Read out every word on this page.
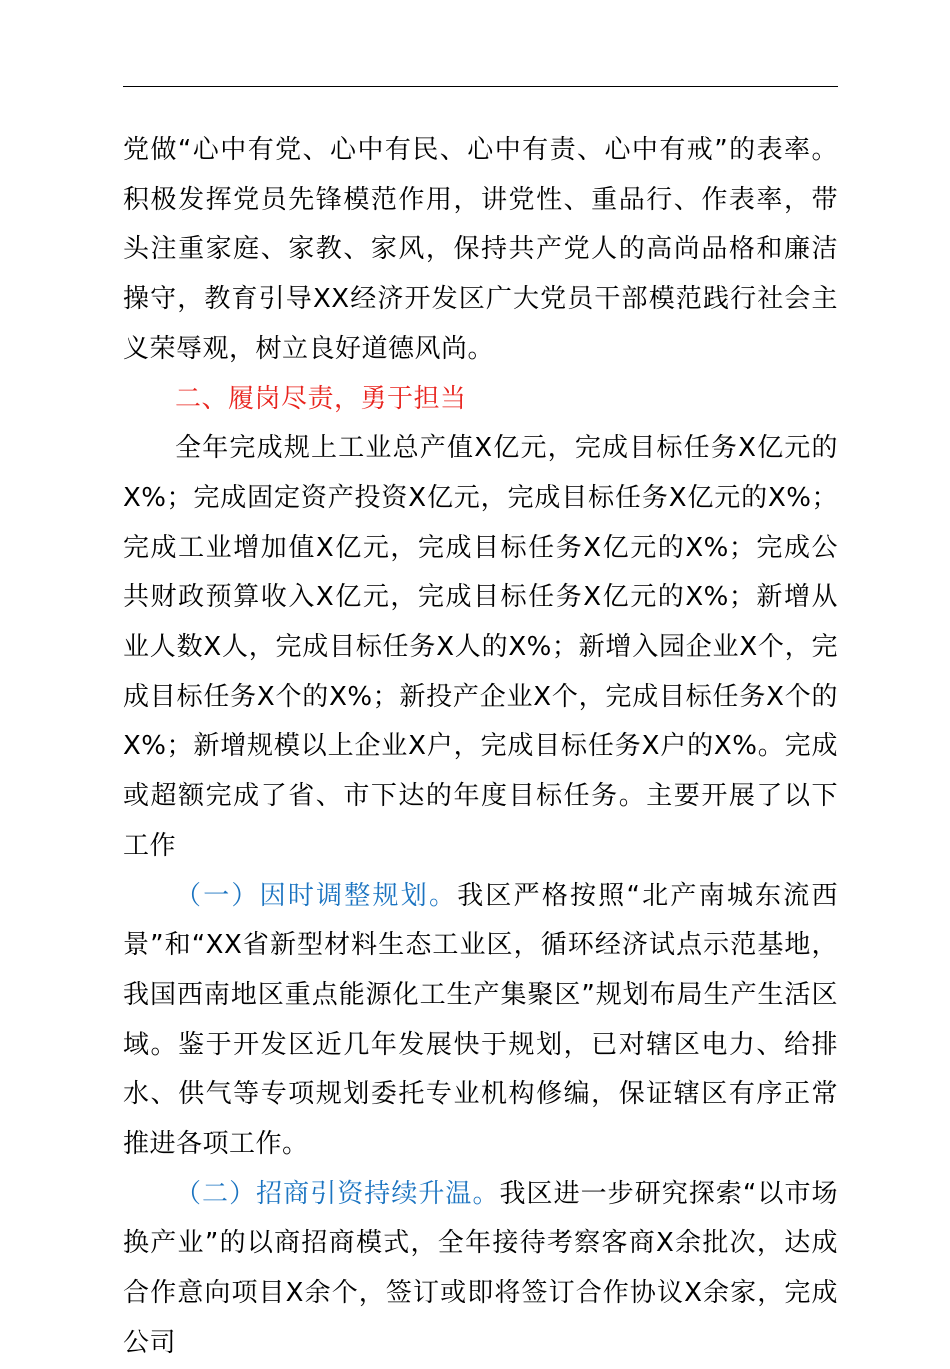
党做“心中有党、心中有民、心中有责、心中有戒”的表率。积极发挥党员先锋模范作用，讲党性、重品行、作表率，带头注重家庭、家教、家风，保持共产党人的高尚品格和廉洁操守，教育引导XX经济开发区广大党员干部模范践行社会主义荣辱观，树立良好道德风尚。

二、履岗尽责，勇于担当

全年完成规上工业总产值X亿元，完成目标任务X亿元的X%；完成固定资产投资X亿元，完成目标任务X亿元的X%；完成工业增加值X亿元，完成目标任务X亿元的X%；完成公共财政预算收入X亿元，完成目标任务X亿元的X%；新增从业人数X人，完成目标任务X人的X%；新增入园企业X个，完成目标任务X个的X%；新投产企业X个，完成目标任务X个的X%；新增规模以上企业X户，完成目标任务X户的X%。完成或超额完成了省、市下达的年度目标任务。主要开展了以下工作

（一）因时调整规划。我区严格按照“北产南城东流西景”和“XX省新型材料生态工业区，循环经济试点示范基地，我国西南地区重点能源化工生产集聚区”规划布局生产生活区域。鉴于开发区近几年发展快于规划，已对辖区电力、给排水、供气等专项规划委托专业机构修编，保证辖区有序正常推进各项工作。

（二）招商引资持续升温。我区进一步研究探索“以市场换产业”的以商招商模式，全年接待考察客商X余批次，达成合作意向项目X余个，签订或即将签订合作协议X余家，完成公司
